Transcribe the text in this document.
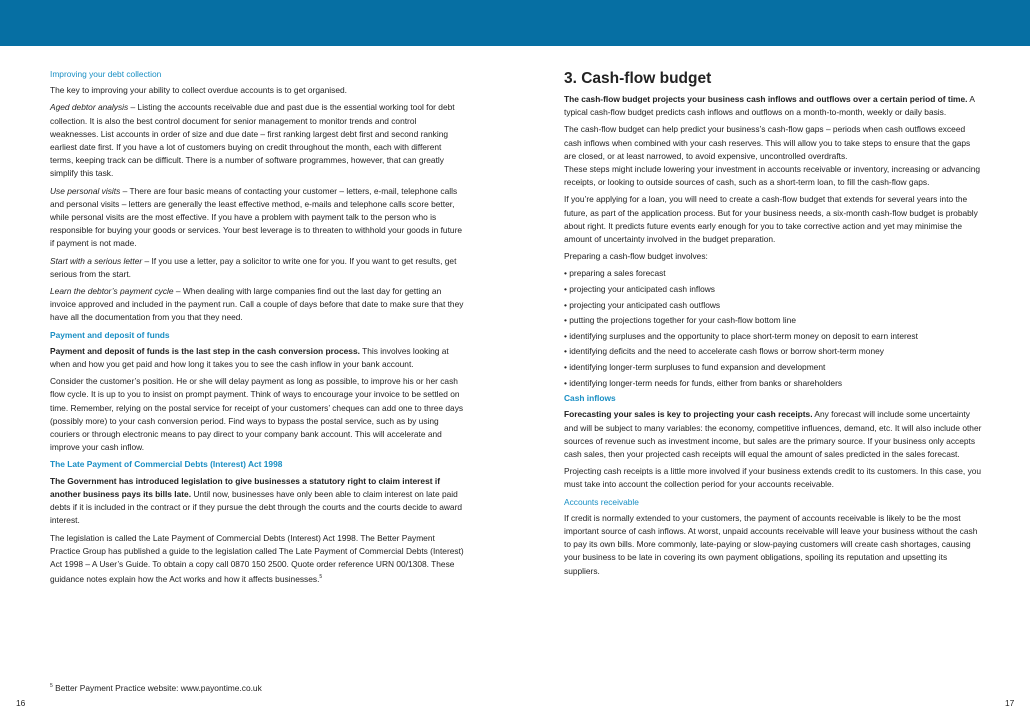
Improving your debt collection

The key to improving your ability to collect overdue accounts is to get organised.

Aged debtor analysis – Listing the accounts receivable due and past due is the essential working tool for debt collection. It is also the best control document for senior management to monitor trends and control weaknesses. List accounts in order of size and due date – first ranking largest debt first and second ranking earliest date first. If you have a lot of customers buying on credit throughout the month, each with different terms, keeping track can be difficult. There is a number of software programmes, however, that can greatly simplify this task.

Use personal visits – There are four basic means of contacting your customer – letters, e-mail, telephone calls and personal visits – letters are generally the least effective method, e-mails and telephone calls score better, while personal visits are the most effective. If you have a problem with payment talk to the person who is responsible for buying your goods or services. Your best leverage is to threaten to withhold your goods in future if payment is not made.

Start with a serious letter – If you use a letter, pay a solicitor to write one for you. If you want to get results, get serious from the start.

Learn the debtor’s payment cycle – When dealing with large companies find out the last day for getting an invoice approved and included in the payment run. Call a couple of days before that date to make sure that they have all the documentation from you that they need.

Payment and deposit of funds

Payment and deposit of funds is the last step in the cash conversion process. This involves looking at when and how you get paid and how long it takes you to see the cash inflow in your bank account.

Consider the customer’s position. He or she will delay payment as long as possible, to improve his or her cash flow cycle. It is up to you to insist on prompt payment. Think of ways to encourage your invoice to be settled on time. Remember, relying on the postal service for receipt of your customers’ cheques can add one to three days (possibly more) to your cash conversion period. Find ways to bypass the postal service, such as by using couriers or through electronic means to pay direct to your company bank account. This will accelerate and improve your cash inflow.

The Late Payment of Commercial Debts (Interest) Act 1998

The Government has introduced legislation to give businesses a statutory right to claim interest if another business pays its bills late. Until now, businesses have only been able to claim interest on late paid debts if it is included in the contract or if they pursue the debt through the courts and the courts decide to award interest.

The legislation is called the Late Payment of Commercial Debts (Interest) Act 1998. The Better Payment Practice Group has published a guide to the legislation called The Late Payment of Commercial Debts (Interest) Act 1998 – A User’s Guide. To obtain a copy call 0870 150 2500. Quote order reference URN 00/1308. These guidance notes explain how the Act works and how it affects businesses.$^5$

3. Cash-flow budget

The cash-flow budget projects your business cash inflows and outflows over a certain period of time. A typical cash-flow budget predicts cash inflows and outflows on a month-to-month, weekly or daily basis.

The cash-flow budget can help predict your business’s cash-flow gaps – periods when cash outflows exceed cash inflows when combined with your cash reserves. This will allow you to take steps to ensure that the gaps are closed, or at least narrowed, to avoid expensive, uncontrolled overdrafts.

These steps might include lowering your investment in accounts receivable or inventory, increasing or advancing receipts, or looking to outside sources of cash, such as a short-term loan, to fill the cash-flow gaps.

If you’re applying for a loan, you will need to create a cash-flow budget that extends for several years into the future, as part of the application process. But for your business needs, a six-month cash-flow budget is probably about right. It predicts future events early enough for you to take corrective action and yet may minimise the amount of uncertainty involved in the budget preparation.

Preparing a cash-flow budget involves:

• preparing a sales forecast

• projecting your anticipated cash inflows

• projecting your anticipated cash outflows

• putting the projections together for your cash-flow bottom line

• identifying surpluses and the opportunity to place short-term money on deposit to earn interest

• identifying deficits and the need to accelerate cash flows or borrow short-term money

• identifying longer-term surpluses to fund expansion and development

• identifying longer-term needs for funds, either from banks or shareholders

Cash inflows

Forecasting your sales is key to projecting your cash receipts. Any forecast will include some uncertainty and will be subject to many variables: the economy, competitive influences, demand, etc. It will also include other sources of revenue such as investment income, but sales are the primary source. If your business only accepts cash sales, then your projected cash receipts will equal the amount of sales predicted in the sales forecast.

Projecting cash receipts is a little more involved if your business extends credit to its customers. In this case, you must take into account the collection period for your accounts receivable.

Accounts receivable

If credit is normally extended to your customers, the payment of accounts receivable is likely to be the most important source of cash inflows. At worst, unpaid accounts receivable will leave your business without the cash to pay its own bills. More commonly, late-paying or slow-paying customers will create cash shortages, causing your business to be late in covering its own payment obligations, spoiling its reputation and upsetting its suppliers.

$^5$ Better Payment Practice website: www.payontime.co.uk
16	17
